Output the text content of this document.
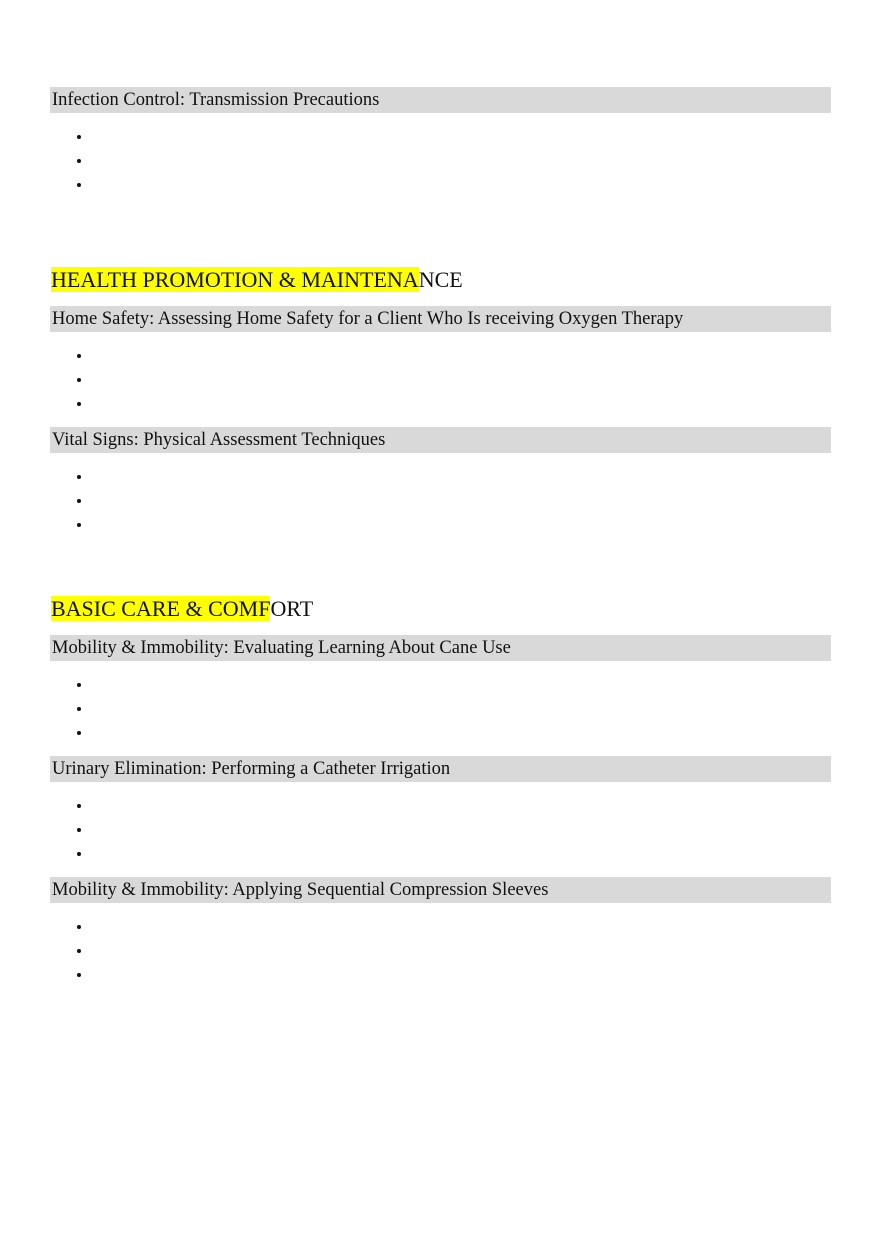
Infection Control: Transmission Precautions
HEALTH PROMOTION & MAINTENANCE
Home Safety: Assessing Home Safety for a Client Who Is receiving Oxygen Therapy
Vital Signs: Physical Assessment Techniques
BASIC CARE & COMFORT
Mobility & Immobility: Evaluating Learning About Cane Use
Urinary Elimination: Performing a Catheter Irrigation
Mobility & Immobility: Applying Sequential Compression Sleeves
